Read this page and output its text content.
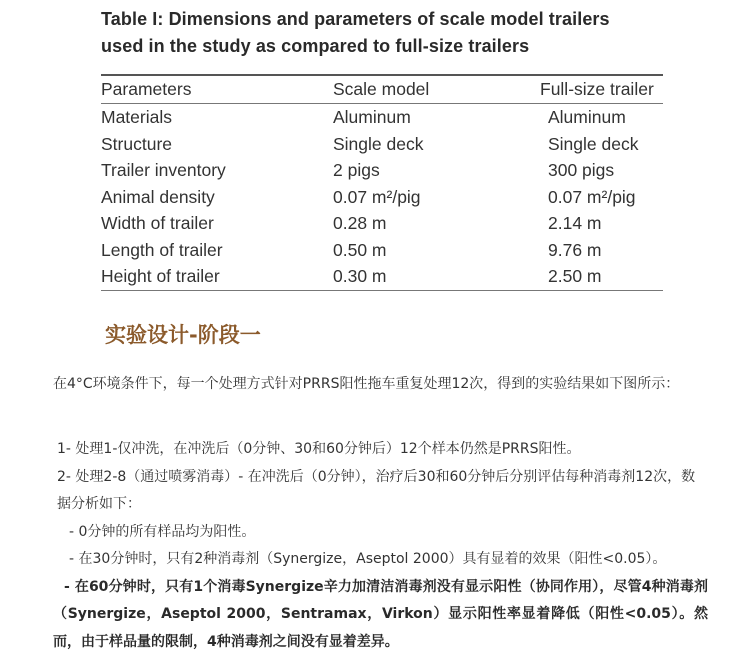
Table I: Dimensions and parameters of scale model trailers
used in the study as compared to full-size trailers
Parameters	Scale model	Full-size trailer
Materials	Aluminum	Aluminum
Structure	Single deck	Single deck
Trailer inventory	2 pigs	300 pigs
Animal density	0.07 m²/pig	0.07 m²/pig
Width of trailer	0.28 m	2.14 m
Length of trailer	0.50 m	9.76 m
Height of trailer	0.30 m	2.50 m
实验设计-阶段一

在4°C环境条件下，每一个处理方式针对PRRS阳性拖车重复处理12次，得到的实验结果如下图所示：

1- 处理1-仅冲洗，在冲洗后（0分钟、30和60分钟后）12个样本仍然是PRRS阳性。

2- 处理2-8（通过喷雾消毒）- 在冲洗后（0分钟），治疗后30和60分钟后分别评估每种消毒剂12次，数据分析如下：

- 0分钟的所有样品均为阳性。

- 在30分钟时，只有2种消毒剂（Synergize，Aseptol 2000）具有显着的效果（阳性<0.05）。

- 在60分钟时，只有1个消毒Synergize辛力加清洁消毒剂没有显示阳性（协同作用），尽管4种消毒剂（Synergize，Aseptol 2000，Sentramax，Virkon）显示阳性率显着降低（阳性<0.05）。然而，由于样品量的限制，4种消毒剂之间没有显着差异。
